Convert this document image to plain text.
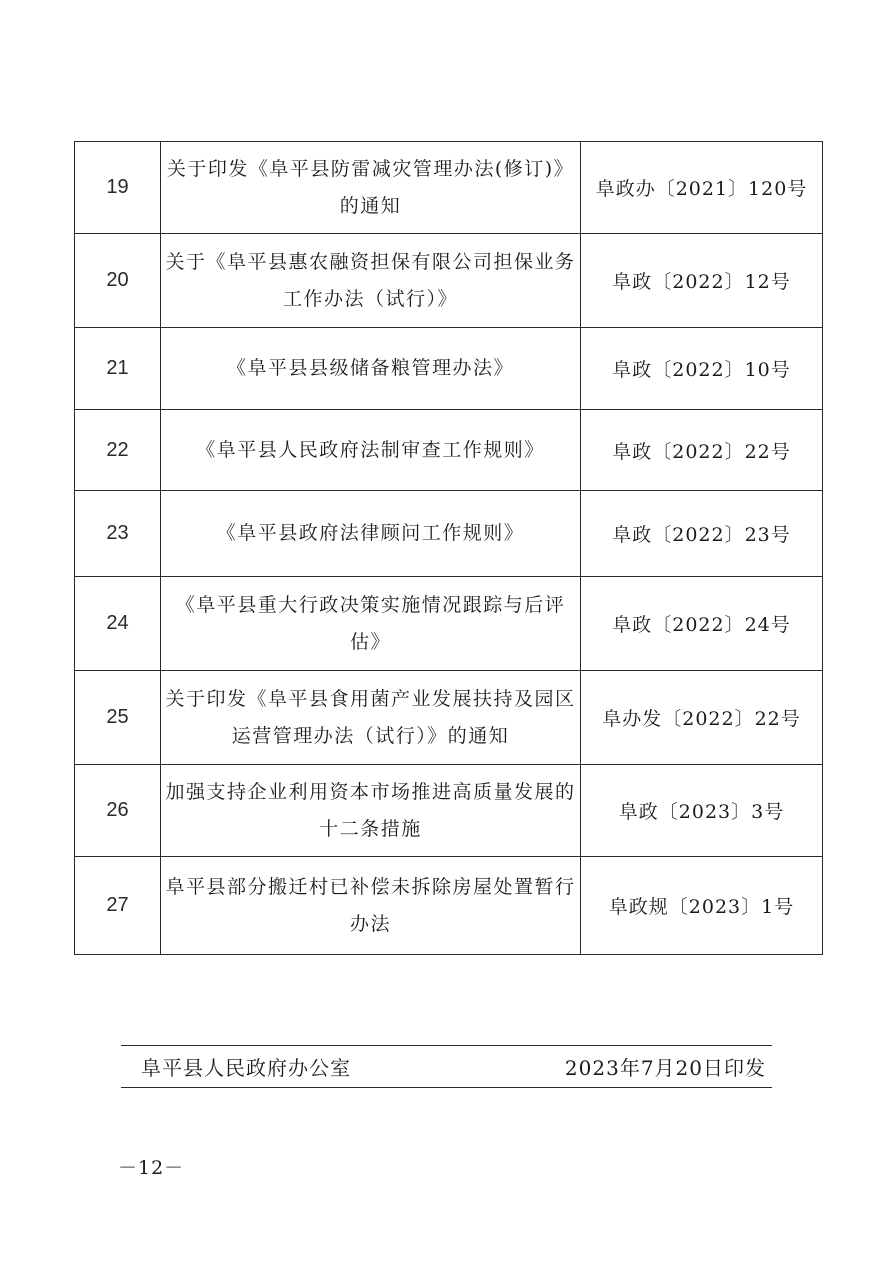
19	关于印发《阜平县防雷减灾管理办法(修订)》的通知	阜政办〔2021〕120号
20	关于《阜平县惠农融资担保有限公司担保业务工作办法（试行）》	阜政〔2022〕12号
21	《阜平县县级储备粮管理办法》	阜政〔2022〕10号
22	《阜平县人民政府法制审查工作规则》	阜政〔2022〕22号
23	《阜平县政府法律顾问工作规则》	阜政〔2022〕23号
24	《阜平县重大行政决策实施情况跟踪与后评估》	阜政〔2022〕24号
25	关于印发《阜平县食用菌产业发展扶持及园区运营管理办法（试行）》的通知	阜办发〔2022〕22号
26	加强支持企业利用资本市场推进高质量发展的十二条措施	阜政〔2023〕3号
27	阜平县部分搬迁村已补偿未拆除房屋处置暂行办法	阜政规〔2023〕1号
阜平县人民政府办公室	2023年7月20日印发
－12－
